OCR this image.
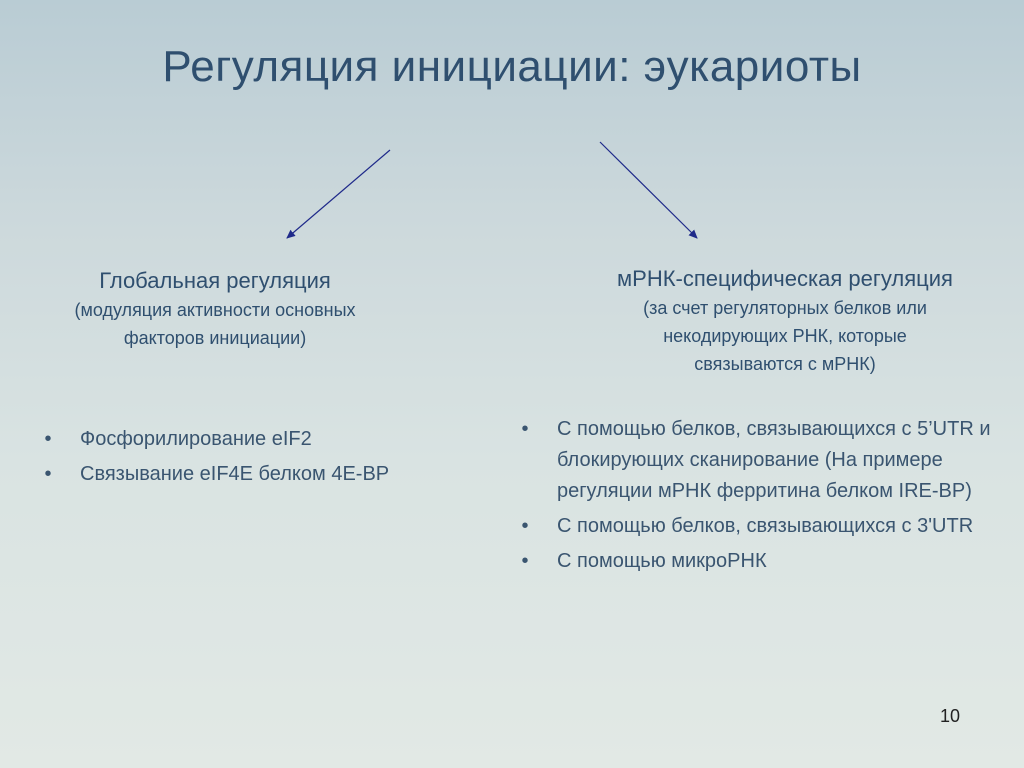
Регуляция инициации: эукариоты
Глобальная регуляция
(модуляция активности основных
факторов инициации)
мРНК-специфическая регуляция
(за счет регуляторных белков или
некодирующих РНК, которые
связываются с мРНК)
•	Фосфорилирование eIF2
•	Связывание eIF4E белком 4E-BP
•	С помощью белков, связывающихся с 5’UTR и блокирующих сканирование (На примере регуляции мРНК ферритина белком IRE-BP)
•	С помощью белков, связывающихся с 3'UTR
•	С помощью микроРНК
10
